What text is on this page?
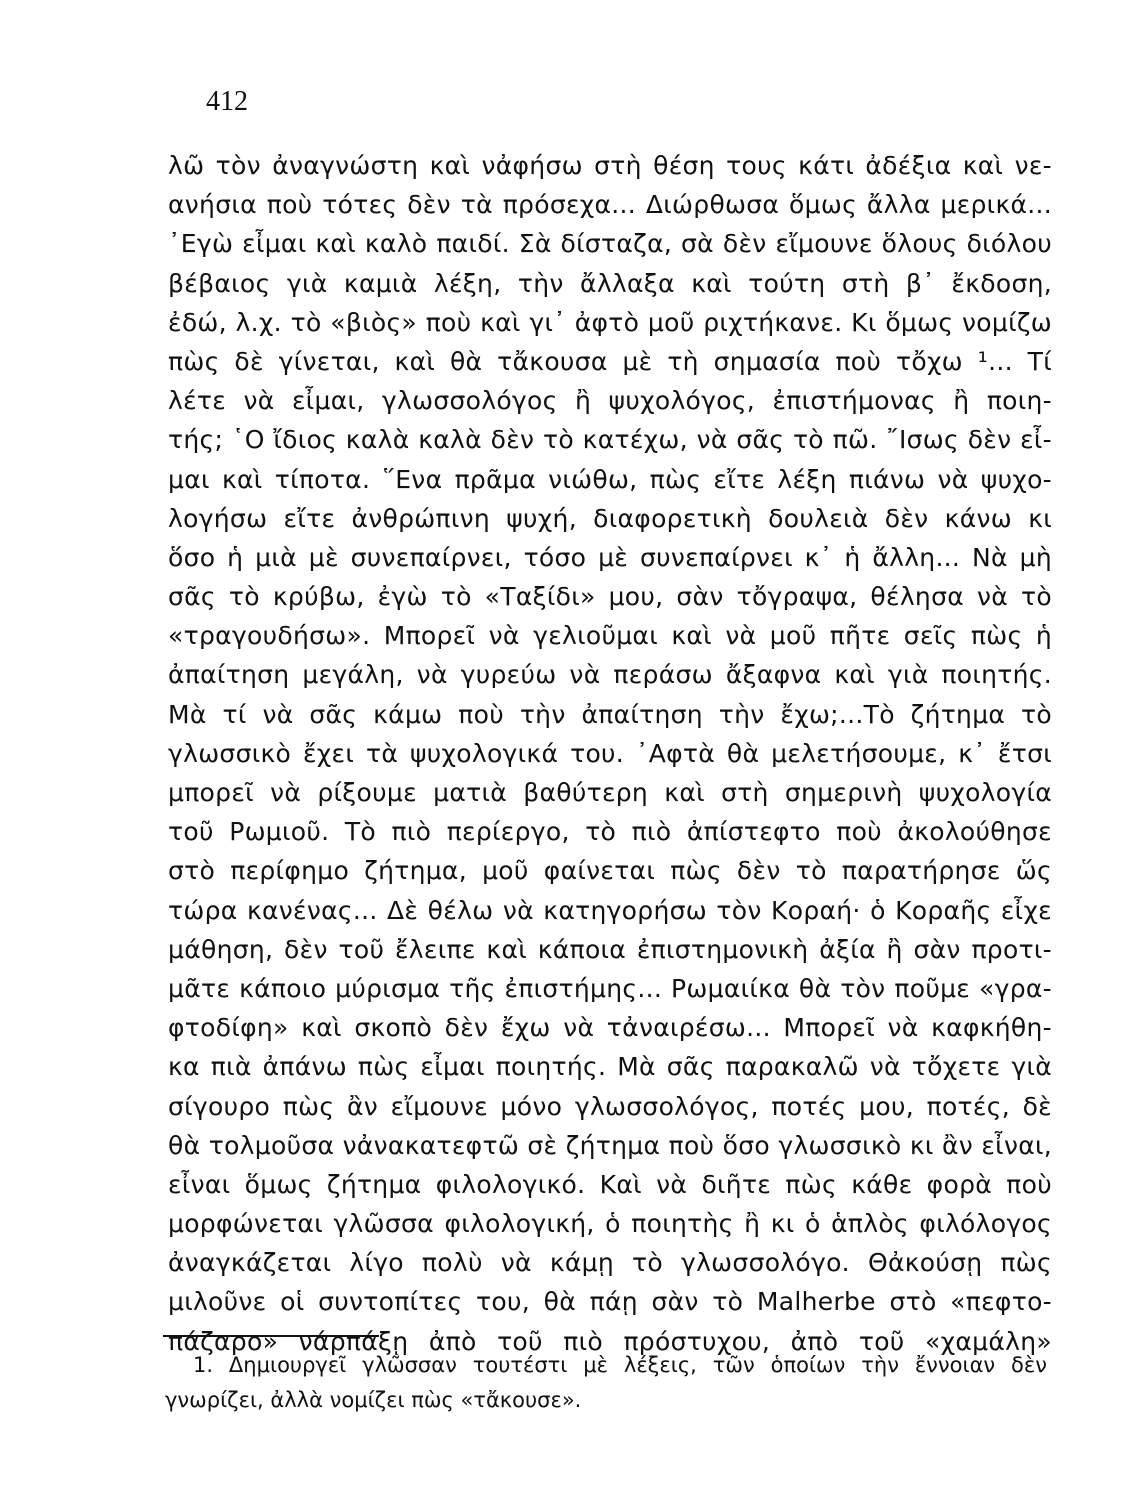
412
λῶ τὸν ἀναγνώστη καὶ νἀφήσω στὴ θέση τους κάτι ἀδέξια καὶ νε-
ανήσια ποὺ τότες δὲν τὰ πρόσεχα... Διώρθωσα ὅμως ἄλλα μερικά...
᾿Εγὼ εἶμαι καὶ καλὸ παιδί. Σὰ δίσταζα, σὰ δὲν εἴμουνε ὅλους διόλου
βέβαιος γιὰ καμιὰ λέξη, τὴν ἄλλαξα καὶ τούτη στὴ β᾿ ἔκδοση,
ἐδώ, λ.χ. τὸ «βιὸς» ποὺ καὶ γι᾿ ἀφτὸ μοῦ ριχτήκανε. Κι ὅμως νομίζω
πὼς δὲ γίνεται, καὶ θὰ τἄκουσα μὲ τὴ σημασία ποὺ τὄχω ¹... Τί
λέτε νὰ εἶμαι, γλωσσολόγος ἢ ψυχολόγος, ἐπιστήμονας ἢ ποιη-
τής; ῾Ο ἴδιος καλὰ καλὰ δὲν τὸ κατέχω, νὰ σᾶς τὸ πῶ. ῎Ισως δὲν εἶ-
μαι καὶ τίποτα. ῞Ενα πρᾶμα νιώθω, πὼς εἴτε λέξη πιάνω νὰ ψυχο-
λογήσω εἴτε ἀνθρώπινη ψυχή, διαφορετικὴ δουλειὰ δὲν κάνω κι
ὅσο ἡ μιὰ μὲ συνεπαίρνει, τόσο μὲ συνεπαίρνει κ᾿ ἡ ἄλλη... Νὰ μὴ
σᾶς τὸ κρύβω, ἐγὼ τὸ «Ταξίδι» μου, σὰν τὄγραψα, θέλησα νὰ τὸ
«τραγουδήσω». Μπορεῖ νὰ γελιοῦμαι καὶ νὰ μοῦ πῆτε σεῖς πὼς ἡ
ἀπαίτηση μεγάλη, νὰ γυρεύω νὰ περάσω ἄξαφνα καὶ γιὰ ποιητής.
Μὰ τί νὰ σᾶς κάμω ποὺ τὴν ἀπαίτηση τὴν ἔχω;...Τὸ ζήτημα τὸ
γλωσσικὸ ἔχει τὰ ψυχολογικά του. ᾿Αφτὰ θὰ μελετήσουμε, κ᾿ ἔτσι
μπορεῖ νὰ ρίξουμε ματιὰ βαθύτερη καὶ στὴ σημερινὴ ψυχολογία
τοῦ Ρωμιοῦ. Τὸ πιὸ περίεργο, τὸ πιὸ ἀπίστεφτο ποὺ ἀκολούθησε
στὸ περίφημο ζήτημα, μοῦ φαίνεται πὼς δὲν τὸ παρατήρησε ὥς
τώρα κανένας... Δὲ θέλω νὰ κατηγορήσω τὸν Κοραή· ὁ Κοραῆς εἶχε
μάθηση, δὲν τοῦ ἔλειπε καὶ κάποια ἐπιστημονικὴ ἀξία ἢ σὰν προτι-
μᾶτε κάποιο μύρισμα τῆς ἐπιστήμης... Ρωμαιίκα θὰ τὸν ποῦμε «γρα-
φτοδίφη» καὶ σκοπὸ δὲν ἔχω νὰ τἀναιρέσω... Μπορεῖ νὰ καφκήθη-
κα πιὰ ἀπάνω πὼς εἶμαι ποιητής. Μὰ σᾶς παρακαλῶ νὰ τὄχετε γιὰ
σίγουρο πὼς ἂν εἴμουνε μόνο γλωσσολόγος, ποτές μου, ποτές, δὲ
θὰ τολμοῦσα νἀνακατεφτῶ σὲ ζήτημα ποὺ ὅσο γλωσσικὸ κι ἂν εἶναι,
εἶναι ὅμως ζήτημα φιλολογικό. Καὶ νὰ διῆτε πὼς κάθε φορὰ ποὺ
μορφώνεται γλῶσσα φιλολογική, ὁ ποιητὴς ἢ κι ὁ ἁπλὸς φιλόλογος
ἀναγκάζεται λίγο πολὺ νὰ κάμῃ τὸ γλωσσολόγο. Θἀκούσῃ πὼς
μιλοῦνε οἱ συντοπίτες του, θὰ πάῃ σὰν τὸ Malherbe στὸ «πεφτο-
πάζαρο» νάρπάξῃ ἀπὸ τοῦ πιὸ πρόστυχου, ἀπὸ τοῦ «χαμάλη»
1. Δημιουργεῖ γλῶσσαν τουτέστι μὲ λέξεις, τῶν ὁποίων τὴν ἔννοιαν δὲν
γνωρίζει, ἀλλὰ νομίζει πὼς «τἄκουσε».
